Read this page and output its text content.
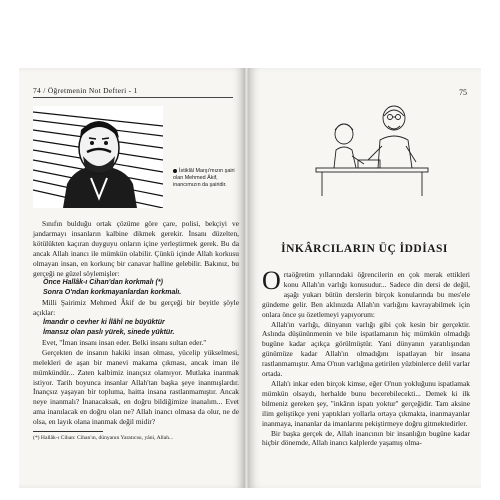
74 / Öğretmenin Not Defteri - 1
İstiklâl Marşı'mızın şairi olan Mehmed Âkif, inancımızın da şairidir.

Sınıfın bulduğu ortak çözüme göre çare, polisi, bekçiyi ve jandarmayı insanların kalbine dikmek gerekir. İnsanı düzelten, kötülükten kaçıran duyguyu onların içine yerleştirmek gerek. Bu da ancak Allah inancı ile mümkün olabilir. Çünkü içinde Allah korkusu olmayan insan, en korkunç bir canavar halline gelebilir. Bakınız, bu gerçeği ne güzel söylemişler:

Önce Hallâk-ı Cihan'dan korkmalı (*)

Sonra O'ndan korkmayanlardan korkmalı.

Milli Şairimiz Mehmed Âkif de bu gerçeği bir beyitle şöyle açıklar:

İmandır o cevher ki İlâhî ne büyüktür

İmansız olan paslı yürek, sinede yüktür.

Evet, "İman insanı insan eder. Belki insanı sultan eder."

Gerçekten de insanın hakiki insan olması, yücelip yükselmesi, melekleri de aşan bir manevi makama çıkması, ancak iman ile mümkündür... Zaten kalbimiz inançsız olamıyor. Mutlaka inanmak istiyor. Tarih boyunca insanlar Allah'tan başka şeye inanmışlardır. İnançsız yaşayan bir topluma, haitta insana rastlanmamıştır. Ancak neye inanmalı? İnanacaksak, en doğru bildiğimize inanalım... Evet ama inanılacak en doğru olan ne? Allah inancı olmasa da olur, ne de olsa, en layık olana inanmak değil midir?

(*) Hallâk-ı Cihan: Cihan'ın, dünyanın Yaratıcısı, yâni, Allah...

75
İNKÂRCILARIN ÜÇ İDDİASI

Ortaöğretim yıllarındaki öğrencilerin en çok merak ettikleri konu Allah'ın varlığı konusudur... Sadece din dersi de değil, aşağı yukarı bütün derslerin birçok konularında bu mes'ele gündeme gelir. Ben aklınızda Allah'ın varlığını kavrayabilmek için onlara önce şu özetlemeyi yapıyorum:

Allah'ın varlığı, dünyanın varlığı gibi çok kesin bir gerçektir. Aslında düşününmenin ve bile ispatlamanın hiç mümkün olmadığı bugüne kadar açıkça görülmüştür. Yani dünyanın yaratılışından günümüze kadar Allah'ın olmadığını ispatlayan bir insana rastlanmamıştır. Ama O'nun varlığına getirilen yüzbinlerce delil varlar ortada.

Allah'ı inkar eden birçok kimse, eğer O'nun yokluğunu ispatlamak mümkün olsaydı, herhalde bunu becerebilecekti... Demek ki ilk bilmeniz gereken şey, "inkârın ispatı yoktur" gerçeğidir. Tam aksine ilim geliştikçe yeni yaptıkları yollarla ortaya çıkmakta, inanmayanlar inanmaya, inananlar da imanlarını pekiştirmeye doğru gitmektedirler.

Bir başka gerçek de, Allah inancının bir insanlığın bugüne kadar hiçbir dönemde, Allah inancı kalplerde yaşamış olma-
